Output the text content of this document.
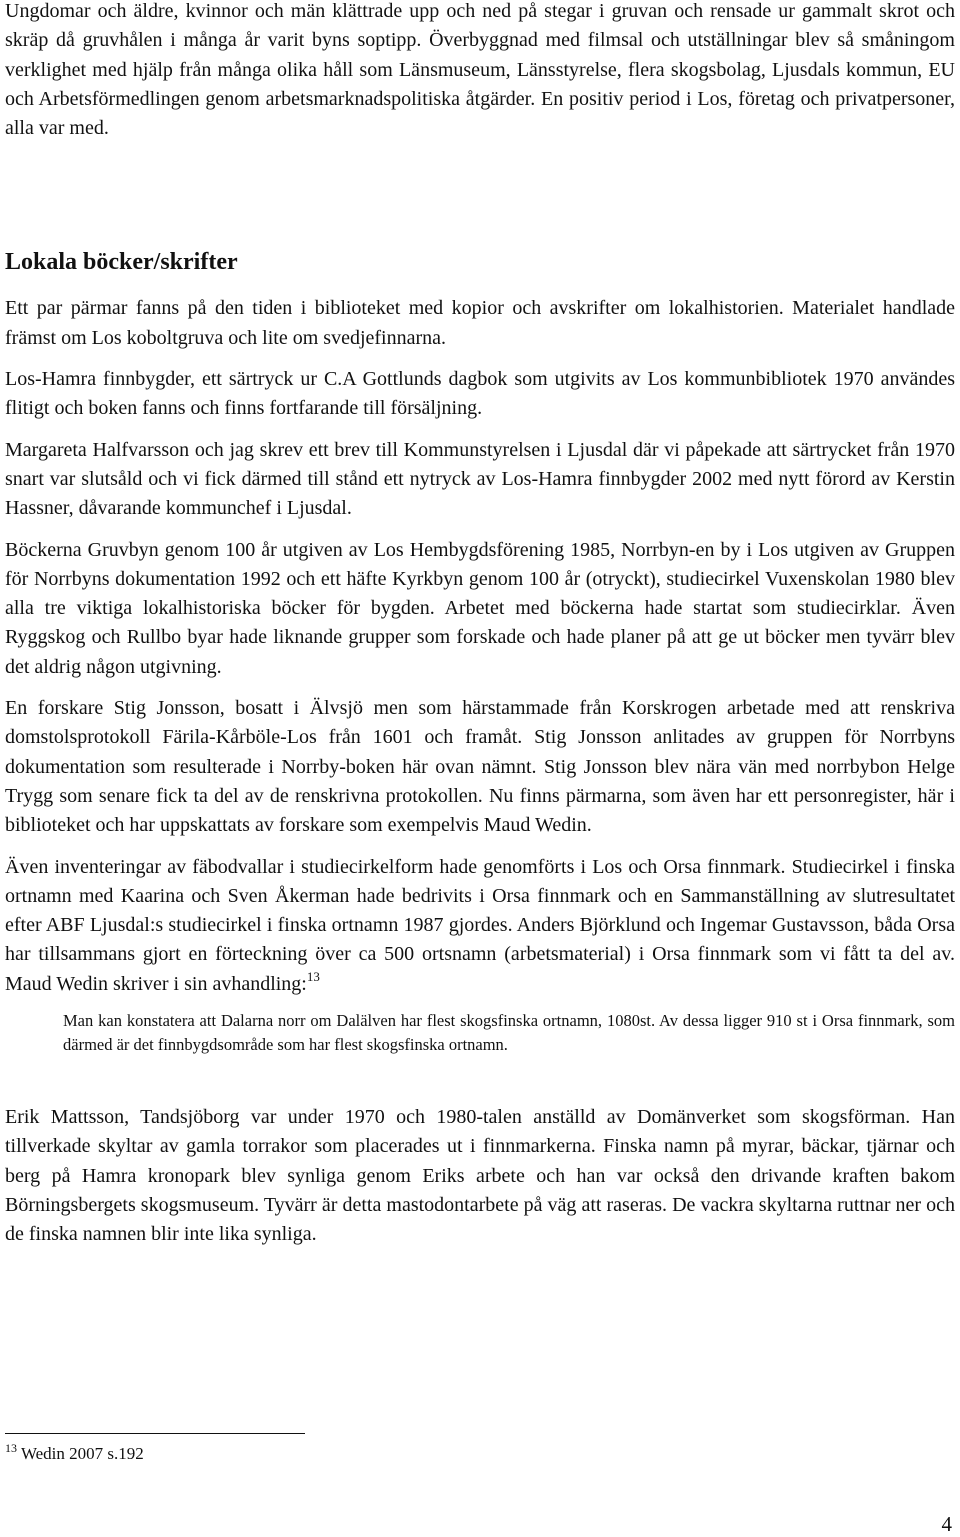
Ungdomar och äldre, kvinnor och män klättrade upp och ned på stegar i gruvan och rensade ur gammalt skrot och skräp då gruvhålen i många år varit byns soptipp. Överbyggnad med filmsal och utställningar blev så småningom verklighet med hjälp från många olika håll som Länsmuseum, Länsstyrelse, flera skogsbolag, Ljusdals kommun, EU och Arbetsförmedlingen genom arbetsmarknadspolitiska åtgärder. En positiv period i Los, företag och privatpersoner, alla var med.

Lokala böcker/skrifter

Ett par pärmar fanns på den tiden i biblioteket med kopior och avskrifter om lokalhistorien. Materialet handlade främst om Los koboltgruva och lite om svedjefinnarna.

Los-Hamra finnbygder, ett särtryck ur C.A Gottlunds dagbok som utgivits av Los kommunbibliotek 1970 användes flitigt och boken fanns och finns fortfarande till försäljning.

Margareta Halfvarsson och jag skrev ett brev till Kommunstyrelsen i Ljusdal där vi påpekade att särtrycket från 1970 snart var slutsåld och vi fick därmed till stånd ett nytryck av Los-Hamra finnbygder 2002 med nytt förord av Kerstin Hassner, dåvarande kommunchef i Ljusdal.

Böckerna Gruvbyn genom 100 år utgiven av Los Hembygdsförening 1985, Norrbyn-en by i Los utgiven av Gruppen för Norrbyns dokumentation 1992 och ett häfte Kyrkbyn genom 100 år (otryckt), studiecirkel Vuxenskolan 1980 blev alla tre viktiga lokalhistoriska böcker för bygden. Arbetet med böckerna hade startat som studiecirklar. Även Ryggskog och Rullbo byar hade liknande grupper som forskade och hade planer på att ge ut böcker men tyvärr blev det aldrig någon utgivning.

En forskare Stig Jonsson, bosatt i Älvsjö men som härstammade från Korskrogen arbetade med att renskriva domstolsprotokoll Färila-Kårböle-Los från 1601 och framåt. Stig Jonsson anlitades av gruppen för Norrbyns dokumentation som resulterade i Norrby-boken här ovan nämnt. Stig Jonsson blev nära vän med norrbybon Helge Trygg som senare fick ta del av de renskrivna protokollen. Nu finns pärmarna, som även har ett personregister, här i biblioteket och har uppskattats av forskare som exempelvis Maud Wedin.

Även inventeringar av fäbodvallar i studiecirkelform hade genomförts i Los och Orsa finnmark. Studiecirkel i finska ortnamn med Kaarina och Sven Åkerman hade bedrivits i Orsa finnmark och en Sammanställning av slutresultatet efter ABF Ljusdal:s studiecirkel i finska ortnamn 1987 gjordes. Anders Björklund och Ingemar Gustavsson, båda Orsa har tillsammans gjort en förteckning över ca 500 ortsnamn (arbetsmaterial) i Orsa finnmark som vi fått ta del av. Maud Wedin skriver i sin avhandling:$^{13}$

Man kan konstatera att Dalarna norr om Dalälven har flest skogsfinska ortnamn, 1080st. Av dessa ligger 910 st i Orsa finnmark, som därmed är det finnbygdsområde som har flest skogsfinska ortnamn.

Erik Mattsson, Tandsjöborg var under 1970 och 1980-talen anställd av Domänverket som skogsförman. Han tillverkade skyltar av gamla torrakor som placerades ut i finnmarkerna. Finska namn på myrar, bäckar, tjärnar och berg på Hamra kronopark blev synliga genom Eriks arbete och han var också den drivande kraften bakom Börningsbergets skogsmuseum. Tyvärr är detta mastodontarbete på väg att raseras. De vackra skyltarna ruttnar ner och de finska namnen blir inte lika synliga.

$^{13}$ Wedin 2007 s.192
4
